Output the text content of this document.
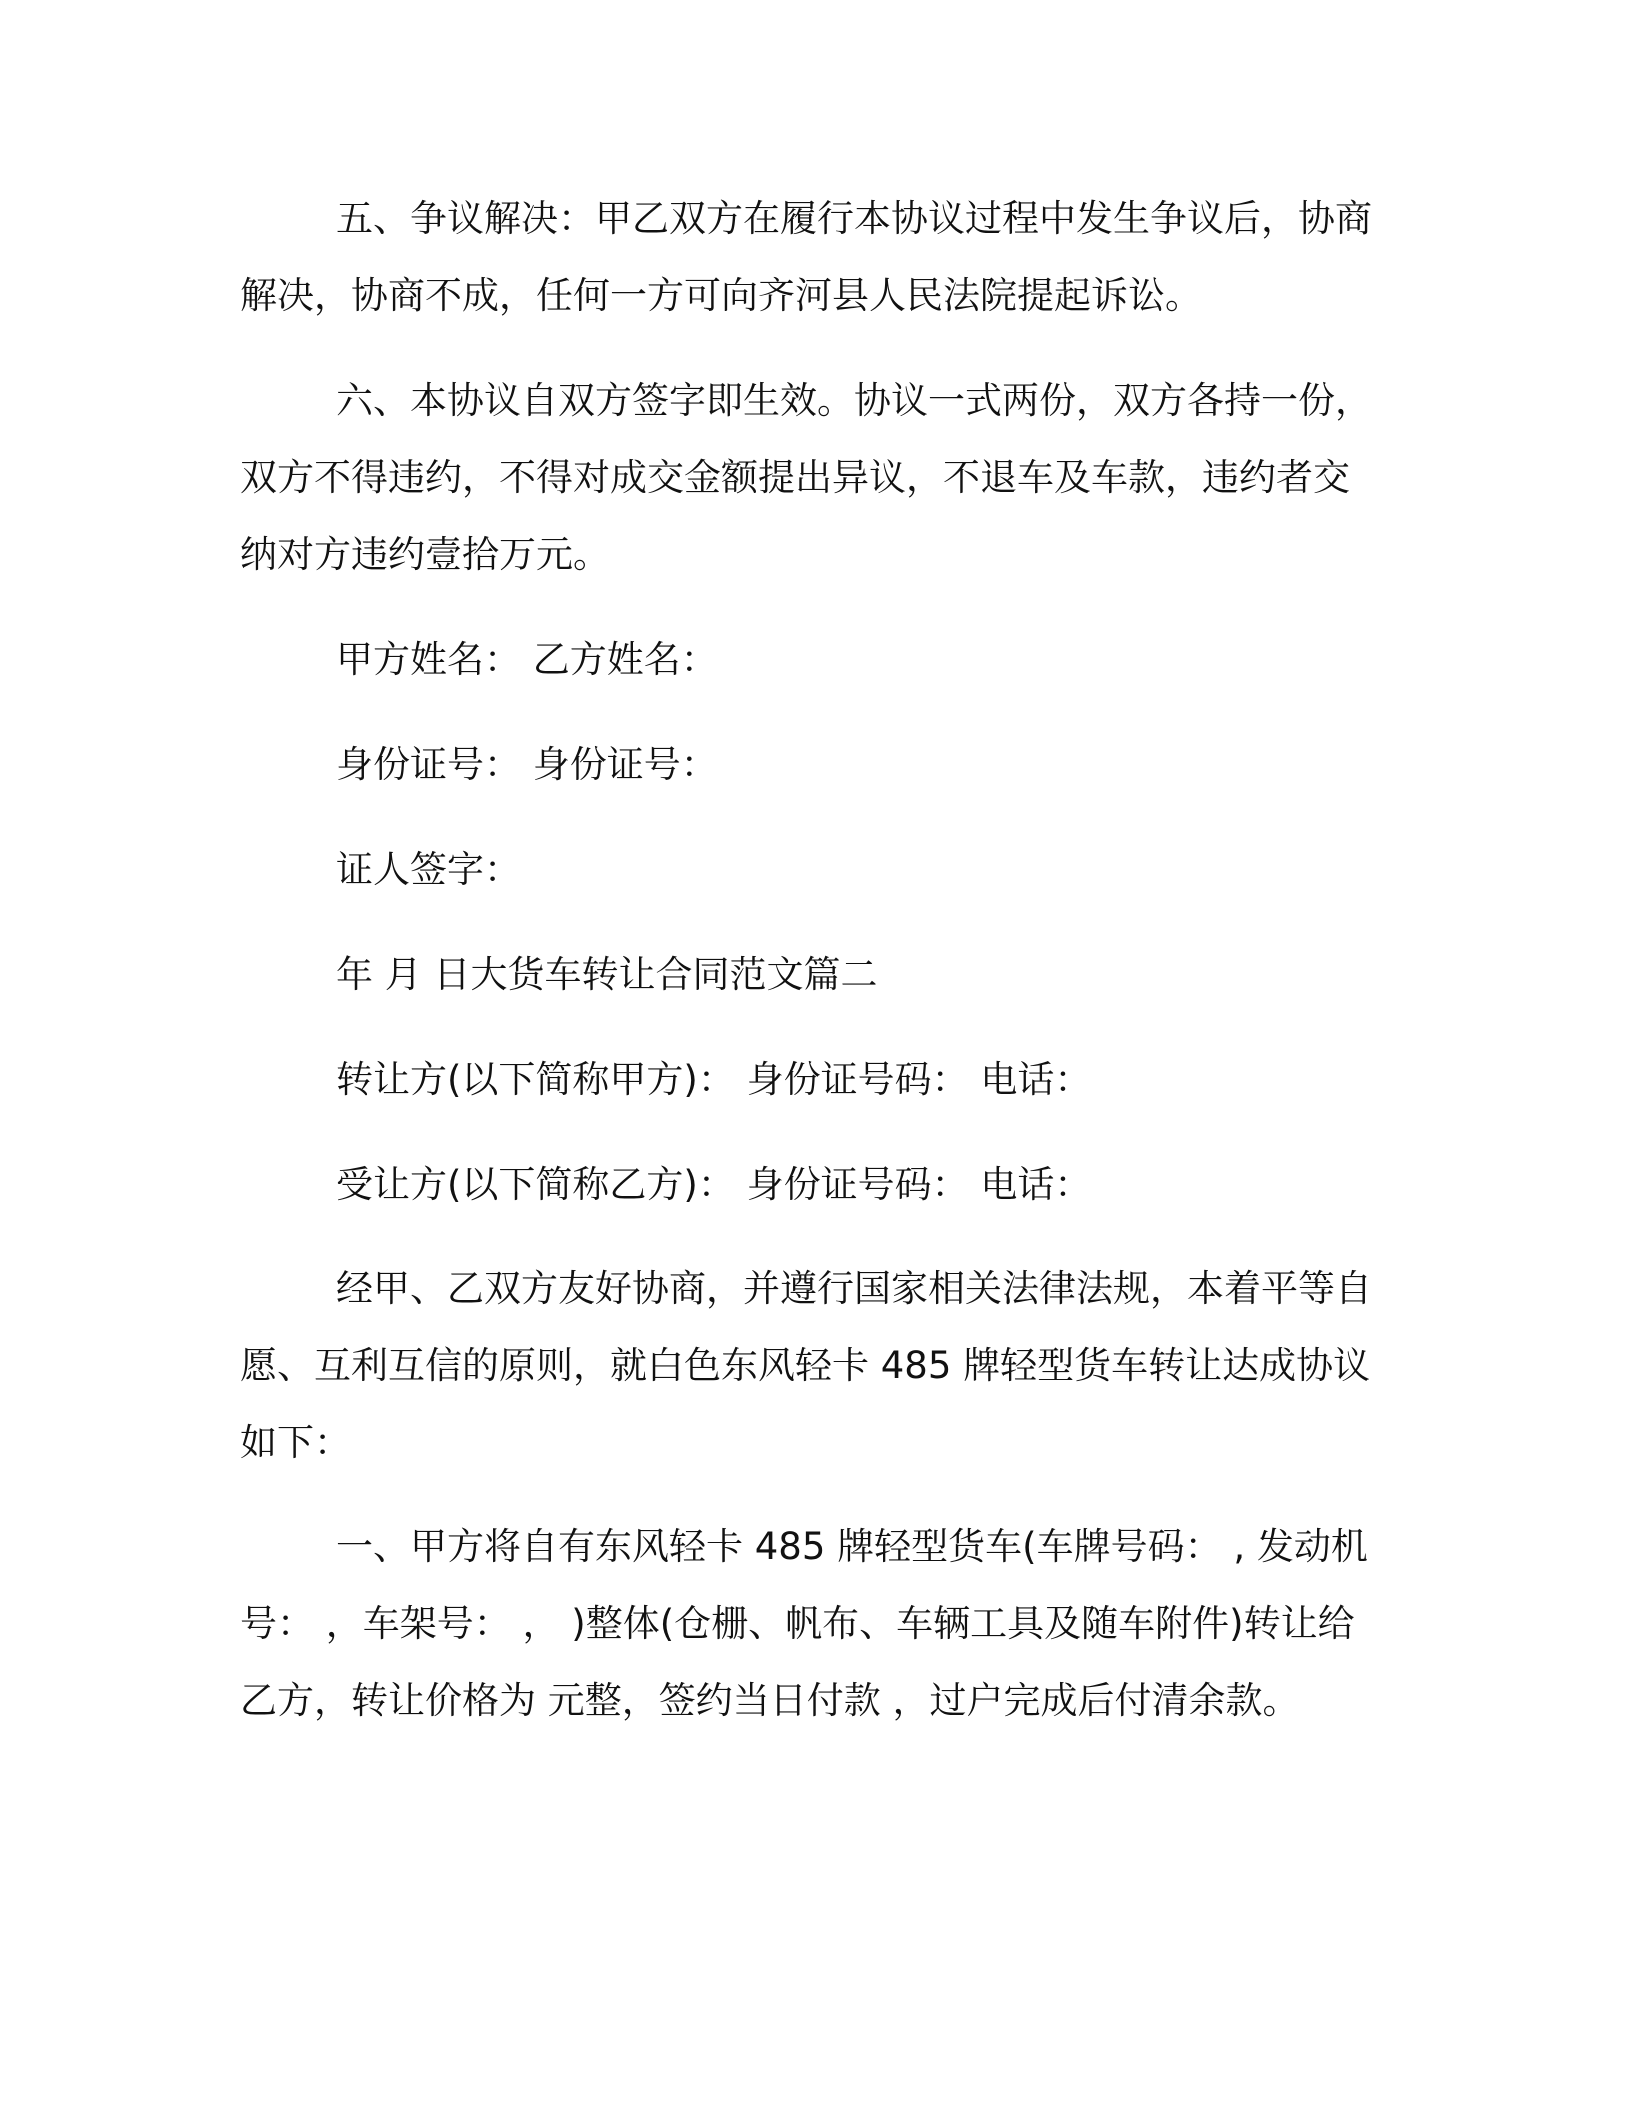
五、争议解决：甲乙双方在履行本协议过程中发生争议后，协商解决，协商不成，任何一方可向齐河县人民法院提起诉讼。

六、本协议自双方签字即生效。协议一式两份，双方各持一份，双方不得违约，不得对成交金额提出异议，不退车及车款，违约者交纳对方违约壹拾万元。

甲方姓名： 乙方姓名：

身份证号： 身份证号：

证人签字：

年 月 日大货车转让合同范文篇二

转让方(以下简称甲方)： 身份证号码： 电话：

受让方(以下简称乙方)： 身份证号码： 电话：

经甲、乙双方友好协商，并遵行国家相关法律法规，本着平等自愿、互利互信的原则，就白色东风轻卡 485 牌轻型货车转让达成协议如下：

一、甲方将自有东风轻卡 485 牌轻型货车(车牌号码： , 发动机号： ，车架号： ， )整体(仓栅、帆布、车辆工具及随车附件)转让给乙方，转让价格为 元整，签约当日付款 ，过户完成后付清余款。
